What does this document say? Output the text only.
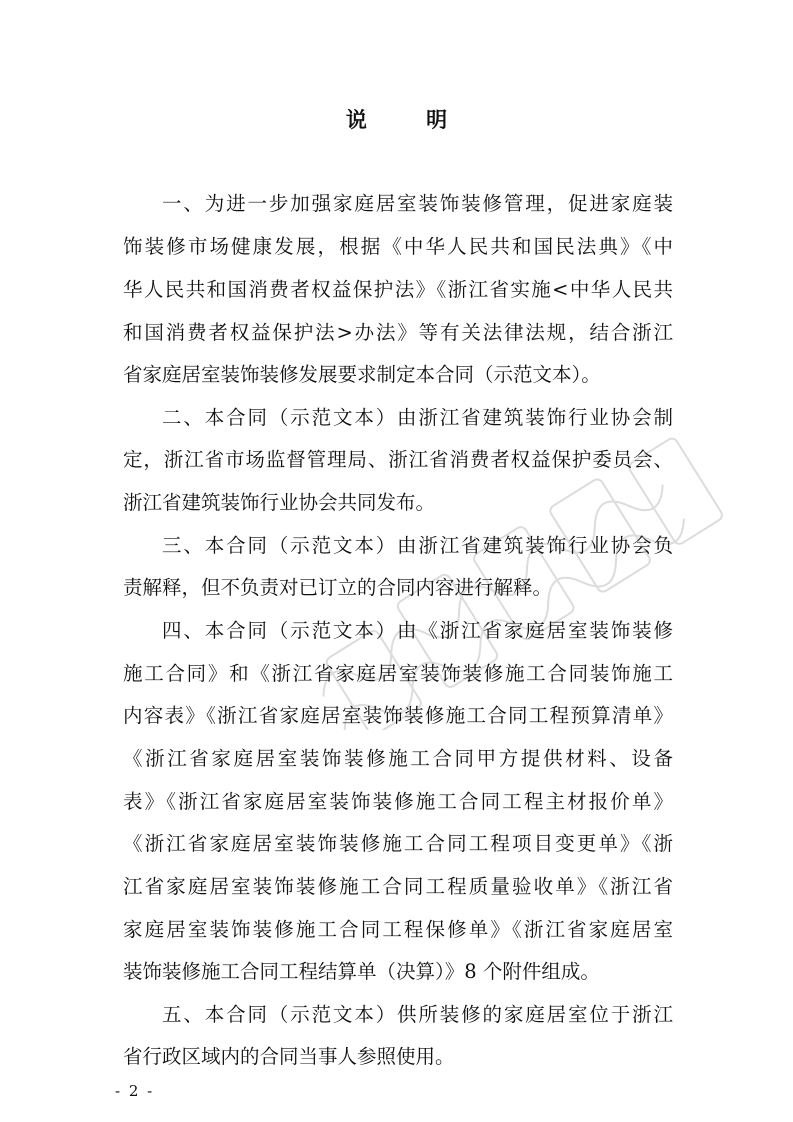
说 明
一、为进一步加强家庭居室装饰装修管理，促进家庭装
饰装修市场健康发展，根据《中华人民共和国民法典》《中
华人民共和国消费者权益保护法》《浙江省实施<中华人民共
和国消费者权益保护法>办法》等有关法律法规，结合浙江
省家庭居室装饰装修发展要求制定本合同（示范文本）。
二、本合同（示范文本）由浙江省建筑装饰行业协会制
定，浙江省市场监督管理局、浙江省消费者权益保护委员会、
浙江省建筑装饰行业协会共同发布。
三、本合同（示范文本）由浙江省建筑装饰行业协会负
责解释，但不负责对已订立的合同内容进行解释。
四、本合同（示范文本）由《浙江省家庭居室装饰装修
施工合同》和《浙江省家庭居室装饰装修施工合同装饰施工
内容表》《浙江省家庭居室装饰装修施工合同工程预算清单》
《浙江省家庭居室装饰装修施工合同甲方提供材料、设备
表》《浙江省家庭居室装饰装修施工合同工程主材报价单》
《浙江省家庭居室装饰装修施工合同工程项目变更单》《浙
江省家庭居室装饰装修施工合同工程质量验收单》《浙江省
家庭居室装饰装修施工合同工程保修单》《浙江省家庭居室
装饰装修施工合同工程结算单（决算）》8 个附件组成。
五、本合同（示范文本）供所装修的家庭居室位于浙江
省行政区域内的合同当事人参照使用。
- 2 -
